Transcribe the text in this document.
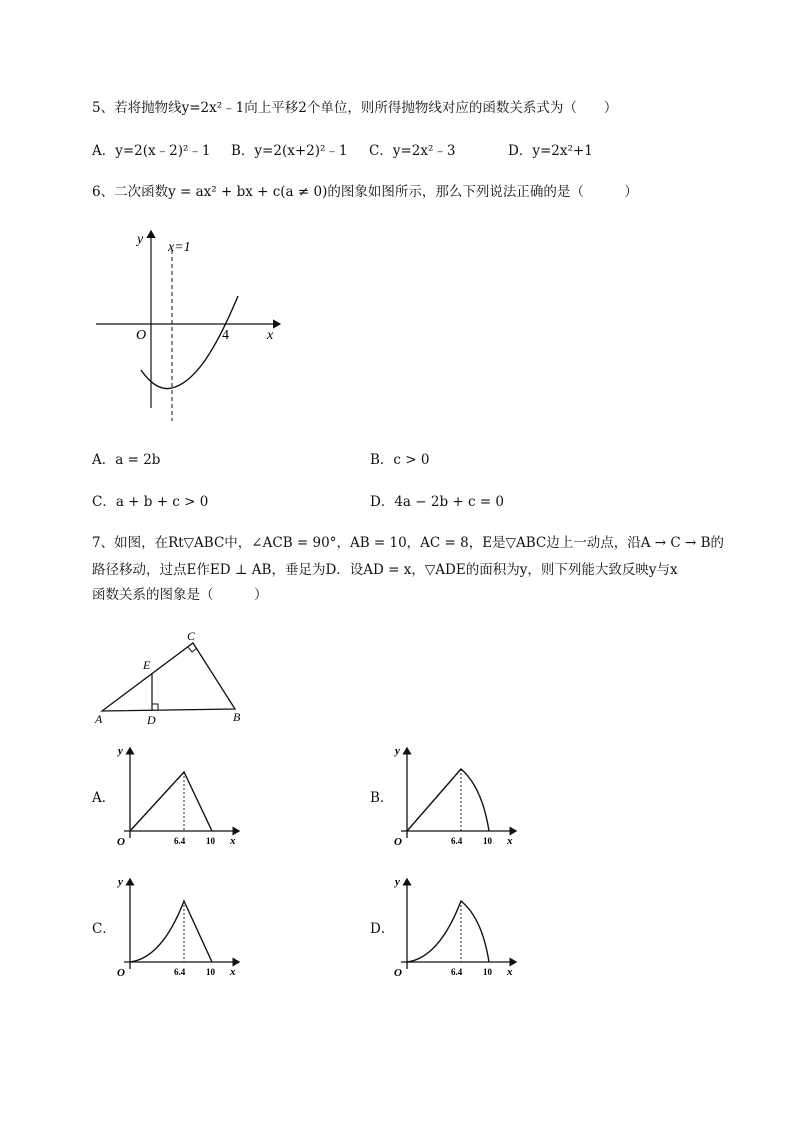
5、若将抛物线y=2x²﹣1向上平移2个单位，则所得抛物线对应的函数关系式为（　　）
A．y=2(x﹣2)²﹣1 B．y=2(x+2)²﹣1 C．y=2x²﹣3	D．y=2x²+1
6、二次函数y = ax² + bx + c(a ≠ 0)的图象如图所示，那么下列说法正确的是（　　　）
y
x=1
O	4	x
A．a = 2b	B．c > 0
C．a + b + c > 0	D．4a − 2b + c = 0
7、如图，在Rt▽ABC中，∠ACB = 90°，AB = 10，AC = 8，E是▽ABC边上一动点，沿A → C → B的
路径移动，过点E作ED ⊥ AB，垂足为D．设AD = x，▽ADE的面积为y，则下列能大致反映y与x
函数关系的图象是（　　　）
C
E
A	D	B
A．
y
O	6.4 10 x
B．
y
O	6.4 10 x
C．
y
O	6.4 10 x
D．
y
O	6.4 10 x
